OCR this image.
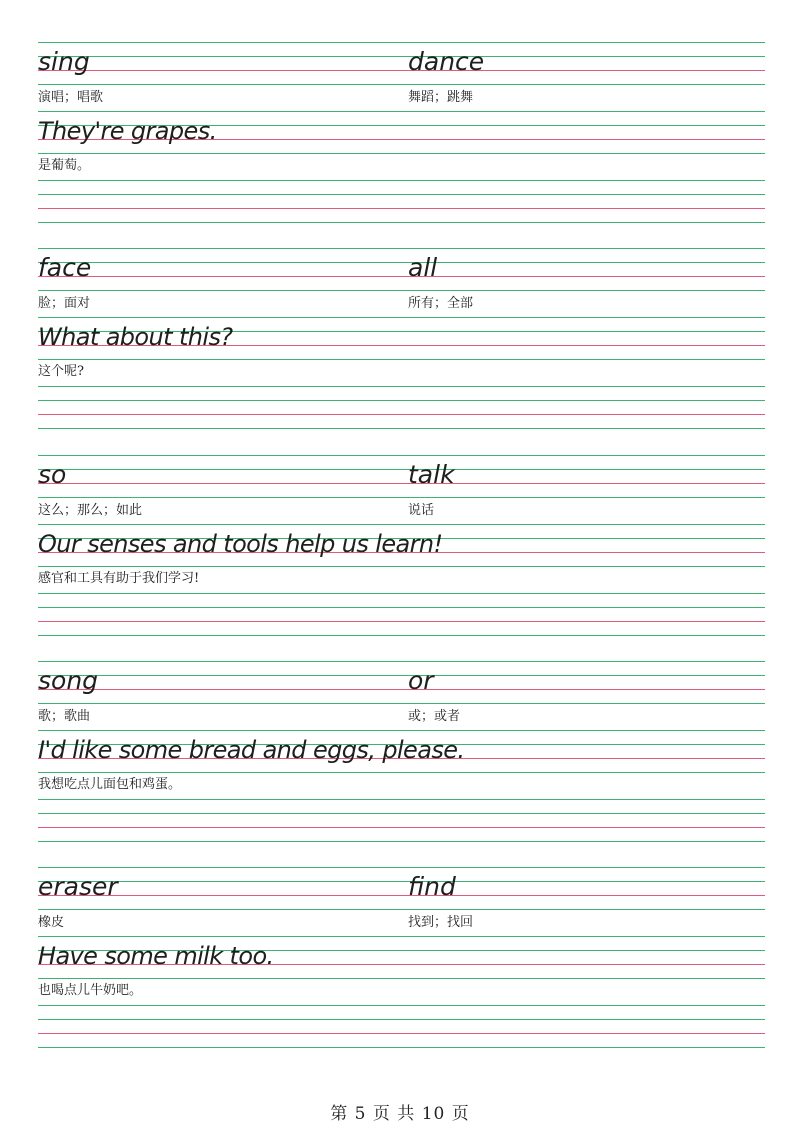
sing	dance
演唱；唱歌	舞蹈；跳舞
They're grapes.
是葡萄。
face	all
脸；面对	所有；全部
What about this?
这个呢?
so	talk
这么；那么；如此	说话
Our senses and tools help us learn!
感官和工具有助于我们学习!
song	or
歌；歌曲	或；或者
I'd like some bread and eggs, please.
我想吃点儿面包和鸡蛋。
eraser	find
橡皮	找到；找回
Have some milk too.
也喝点儿牛奶吧。
第 5 页 共 10 页
